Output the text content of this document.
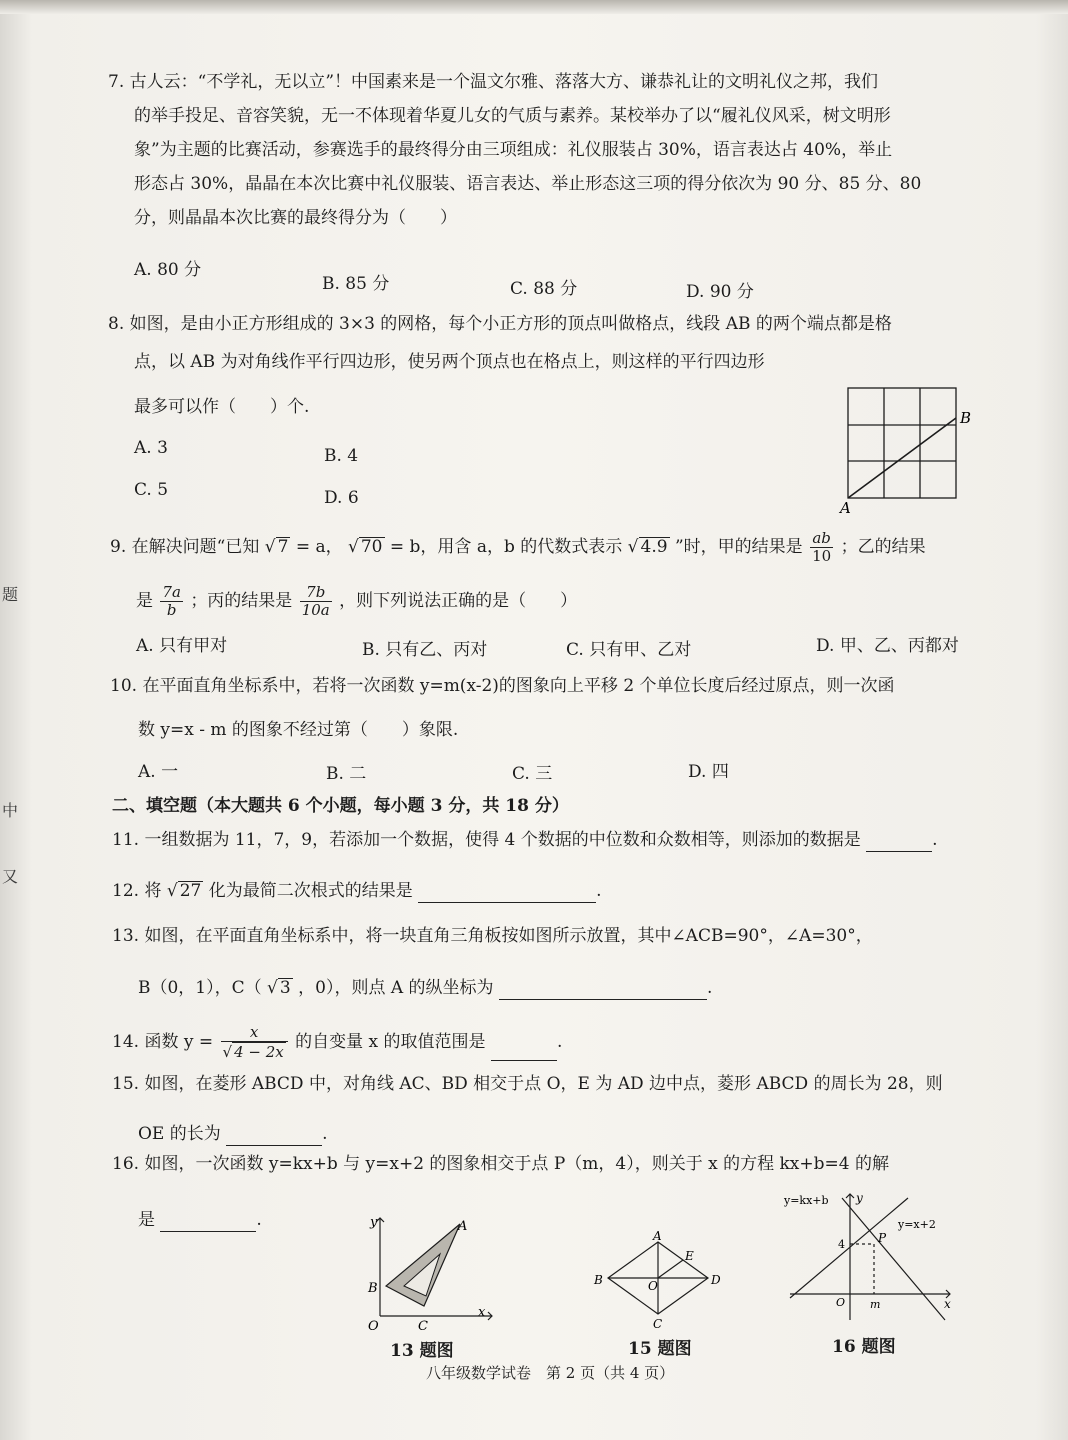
题
中
又
7. 古人云：“不学礼，无以立”！中国素来是一个温文尔雅、落落大方、谦恭礼让的文明礼仪之邦，我们
的举手投足、音容笑貌，无一不体现着华夏儿女的气质与素养。某校举办了以“履礼仪风采，树文明形
象”为主题的比赛活动，参赛选手的最终得分由三项组成：礼仪服装占 30%，语言表达占 40%，举止
形态占 30%，晶晶在本次比赛中礼仪服装、语言表达、举止形态这三项的得分依次为 90 分、85 分、80
分，则晶晶本次比赛的最终得分为（　　）
A. 80 分
B. 85 分	C. 88 分	D. 90 分
8. 如图，是由小正方形组成的 3×3 的网格，每个小正方形的顶点叫做格点，线段 AB 的两个端点都是格
点，以 AB 为对角线作平行四边形，使另两个顶点也在格点上，则这样的平行四边形
最多可以作（　　）个.
A. 3	B. 4
C. 5	D. 6	A
B
9. 在解决问题“已知 √ 7 = a， √ 70 = b，用含 a，b 的代数式表示 √ 4.9 ”时，甲的结果是 $\frac{ab}{10}$ ；乙的结果
是 $\frac{7a}{b}$ ；丙的结果是 $\frac{7b}{10a}$ ，则下列说法正确的是（　　）
A. 只有甲对	B. 只有乙、丙对	C. 只有甲、乙对	D. 甲、乙、丙都对
10. 在平面直角坐标系中，若将一次函数 y=m(x-2)的图象向上平移 2 个单位长度后经过原点，则一次函
数 y=x - m 的图象不经过第（　　）象限.
A. 一	B. 二	C. 三	D. 四
二、填空题（本大题共 6 个小题，每小题 3 分，共 18 分）
11. 一组数据为 11，7，9，若添加一个数据，使得 4 个数据的中位数和众数相等，则添加的数据是	.
12. 将 √ 27 化为最简二次根式的结果是	.
13. 如图，在平面直角坐标系中，将一块直角三角板按如图所示放置，其中∠ACB=90°，∠A=30°，
B（0，1），C（ √ 3 ，0），则点 A 的纵坐标为	.
14. 函数 $y = \frac{x}{√ 4 - 2x}$ 的自变量 x 的取值范围是	.
15. 如图，在菱形 ABCD 中，对角线 AC、BD 相交于点 O，E 为 AD 边中点，菱形 ABCD 的周长为 28，则
OE 的长为	.
16. 如图，一次函数 y=kx+b 与 y=x+2 的图象相交于点 P（m，4），则关于 x 的方程 kx+b=4 的解
是	.	y
x
O
A
B
C
13 题图
A
B
C
D
E
O
15 题图
y=kx+b
y=x+2
y
x
O
P
4
m
16 题图
八年级数学试卷　第 2 页（共 4 页）
